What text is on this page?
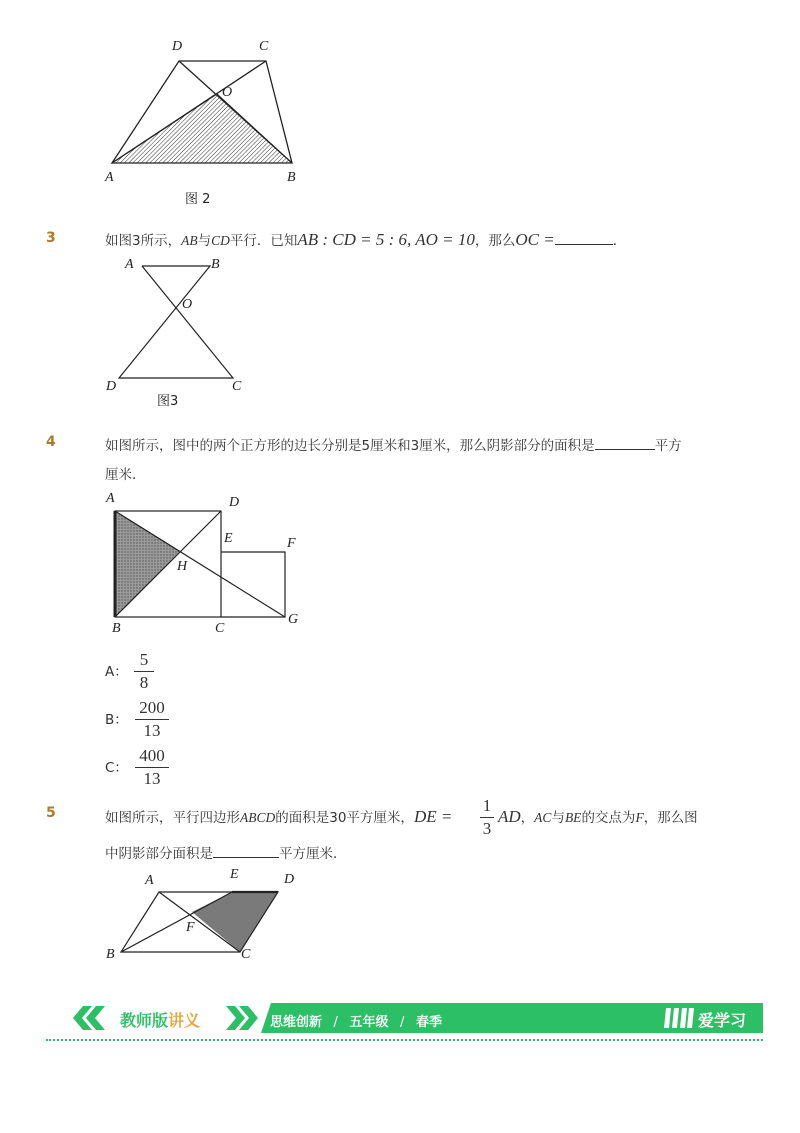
D	C
O
A	B
图 2
3	如图3所示，AB与CD平行．已知AB : CD = 5 : 6, AO = 10，那么OC =	．
A	B
O
D	C
图3
4	如图所示，图中的两个正方形的边长分别是5厘米和3厘米，那么阴影部分的面积是	平方
厘米．
A	D
E	F
H
B	C
G
A：
5
8
B：
200
13
C：
400
13
5	如图所示，平行四边形ABCD的面积是30平方厘米，DE =
1
3
AD，AC与BE的交点为F，那么图
中阴影部分面积是	平方厘米．
A	E	D
F
B	C
教师版讲义	思维创新 / 五年级 / 春季	爱学习
